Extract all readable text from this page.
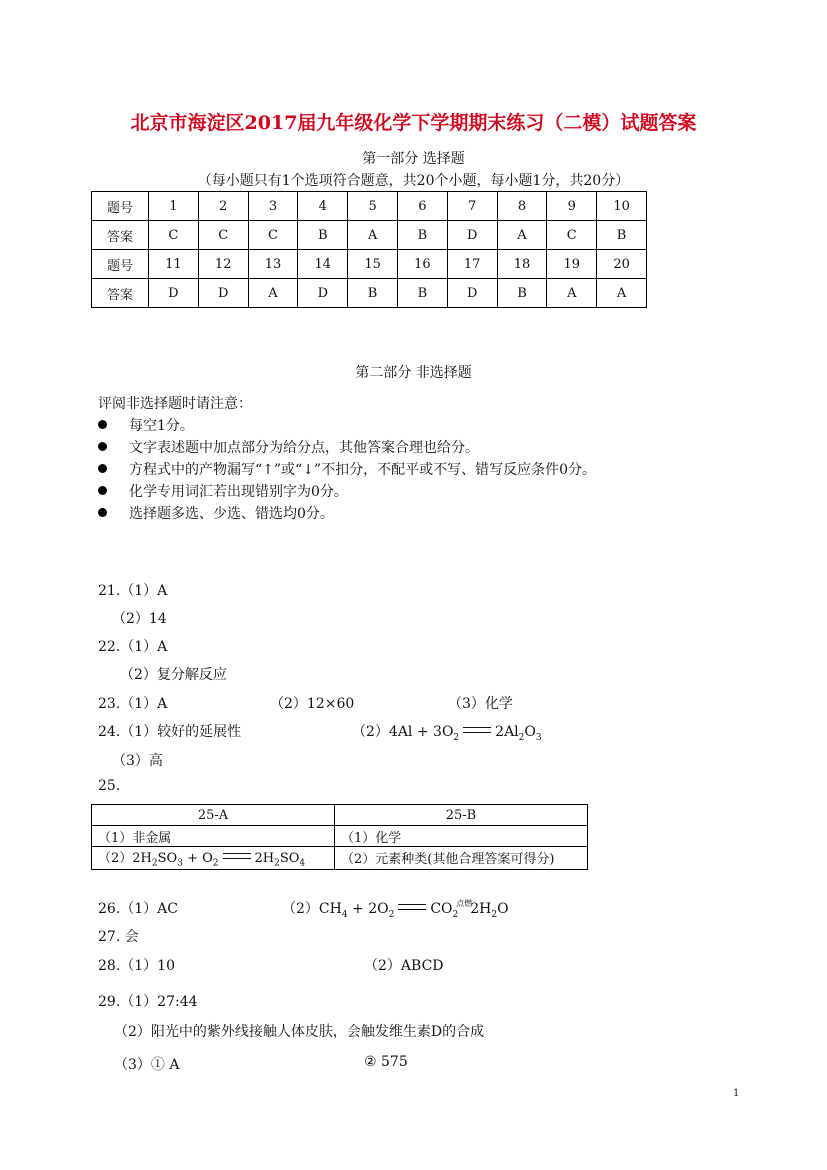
北京市海淀区2017届九年级化学下学期期末练习（二模）试题答案
第一部分 选择题
（每小题只有1个选项符合题意，共20个小题，每小题1分，共20分）
题号	1	2	3	4	5	6	7	8	9	10
答案	C	C	C	B	A	B	D	A	C	B
题号	11	12	13	14	15	16	17	18	19	20
答案	D	D	A	D	B	B	D	B	A	A
第二部分 非选择题
评阅非选择题时请注意：
每空1分。
文字表述题中加点部分为给分点，其他答案合理也给分。
方程式中的产物漏写“↑”或“↓”不扣分，不配平或不写、错写反应条件0分。
化学专用词汇若出现错别字为0分。
选择题多选、少选、错选均0分。
21.（1）A
（2）14
22.（1）A
（2）复分解反应
23.（1）A	（2）12×60	（3）化学
24.（1）较好的延展性	$(2)4Al + 3O_2$	$2Al_2O_3$
（3）高
25.
25-A	25-B
（1）非金属	（1）化学
$(2)2H_2SO_3 + O_2$ $2H_2SO_4$	（2）元素种类(其他合理答案可得分)
26.（1）AC	$(2)CH_4 + 2O_2$	$CO_2^{点燃}2H_2O$
27. 会
28.（1）10	（2）ABCD
29.（1）27:44
（2）阳光中的紫外线接触人体皮肤，会触发维生素D的合成
（3）① A	② 575
1
